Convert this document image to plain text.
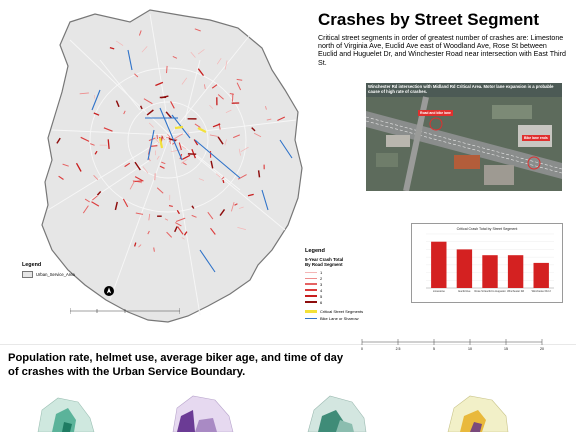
Legend
Urban_Service_Area
Legend
5-Year Crash Total
By Road Segment
1
2
3
4
5
6
Critical Street Segments
Bike Lane or Sharrow
Crashes by Street Segment
Critical street segments in order of greatest number of crashes are: Limestone north of Virginia Ave, Euclid Ave east of Woodland Ave, Rose St between Euclid and Huguelet Dr, and Winchester Road near intersection with East Third St.
Road and bike lane
Bike lane ends
Winchester Rd intersection with Midland Rd Critical Area. Motor lane expansion is a probable cause of high rate of crashes.
Critical Crash Total by Street Segment
Limestone	Euclid Ave Rose St Euclid to Huguelet Winchester Rd	Winchester Rd 2
0	2.5	5	10	15	20
Population rate, helmet use, average biker age, and time of day of crashes with the Urban Service Boundary.
